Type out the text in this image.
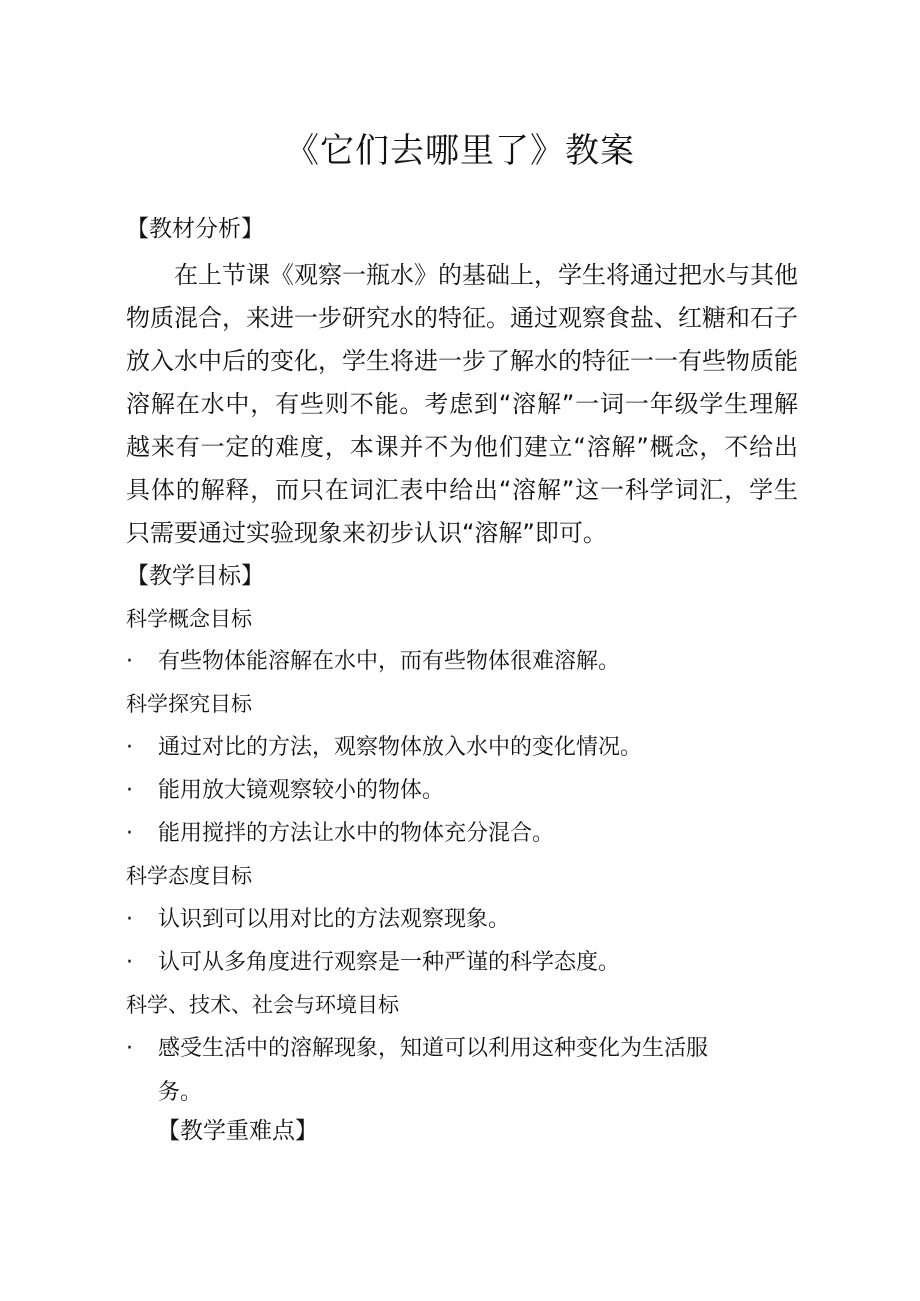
《它们去哪里了》教案
【教材分析】

在上节课《观察一瓶水》的基础上，学生将通过把水与其他物质混合，来进一步研究水的特征。通过观察食盐、红糖和石子放入水中后的变化，学生将进一步了解水的特征一一有些物质能溶解在水中，有些则不能。考虑到“溶解”一词一年级学生理解越来有一定的难度，本课并不为他们建立“溶解”概念，不给出具体的解释，而只在词汇表中给出“溶解”这一科学词汇，学生只需要通过实验现象来初步认识“溶解”即可。

【教学目标】
科学概念目标
· 有些物体能溶解在水中，而有些物体很难溶解。
科学探究目标
· 通过对比的方法，观察物体放入水中的变化情况。
· 能用放大镜观察较小的物体。
· 能用搅拌的方法让水中的物体充分混合。
科学态度目标
· 认识到可以用对比的方法观察现象。
· 认可从多角度进行观察是一种严谨的科学态度。
科学、技术、社会与环境目标
· 感受生活中的溶解现象，知道可以利用这种变化为生活服务。
【教学重难点】
